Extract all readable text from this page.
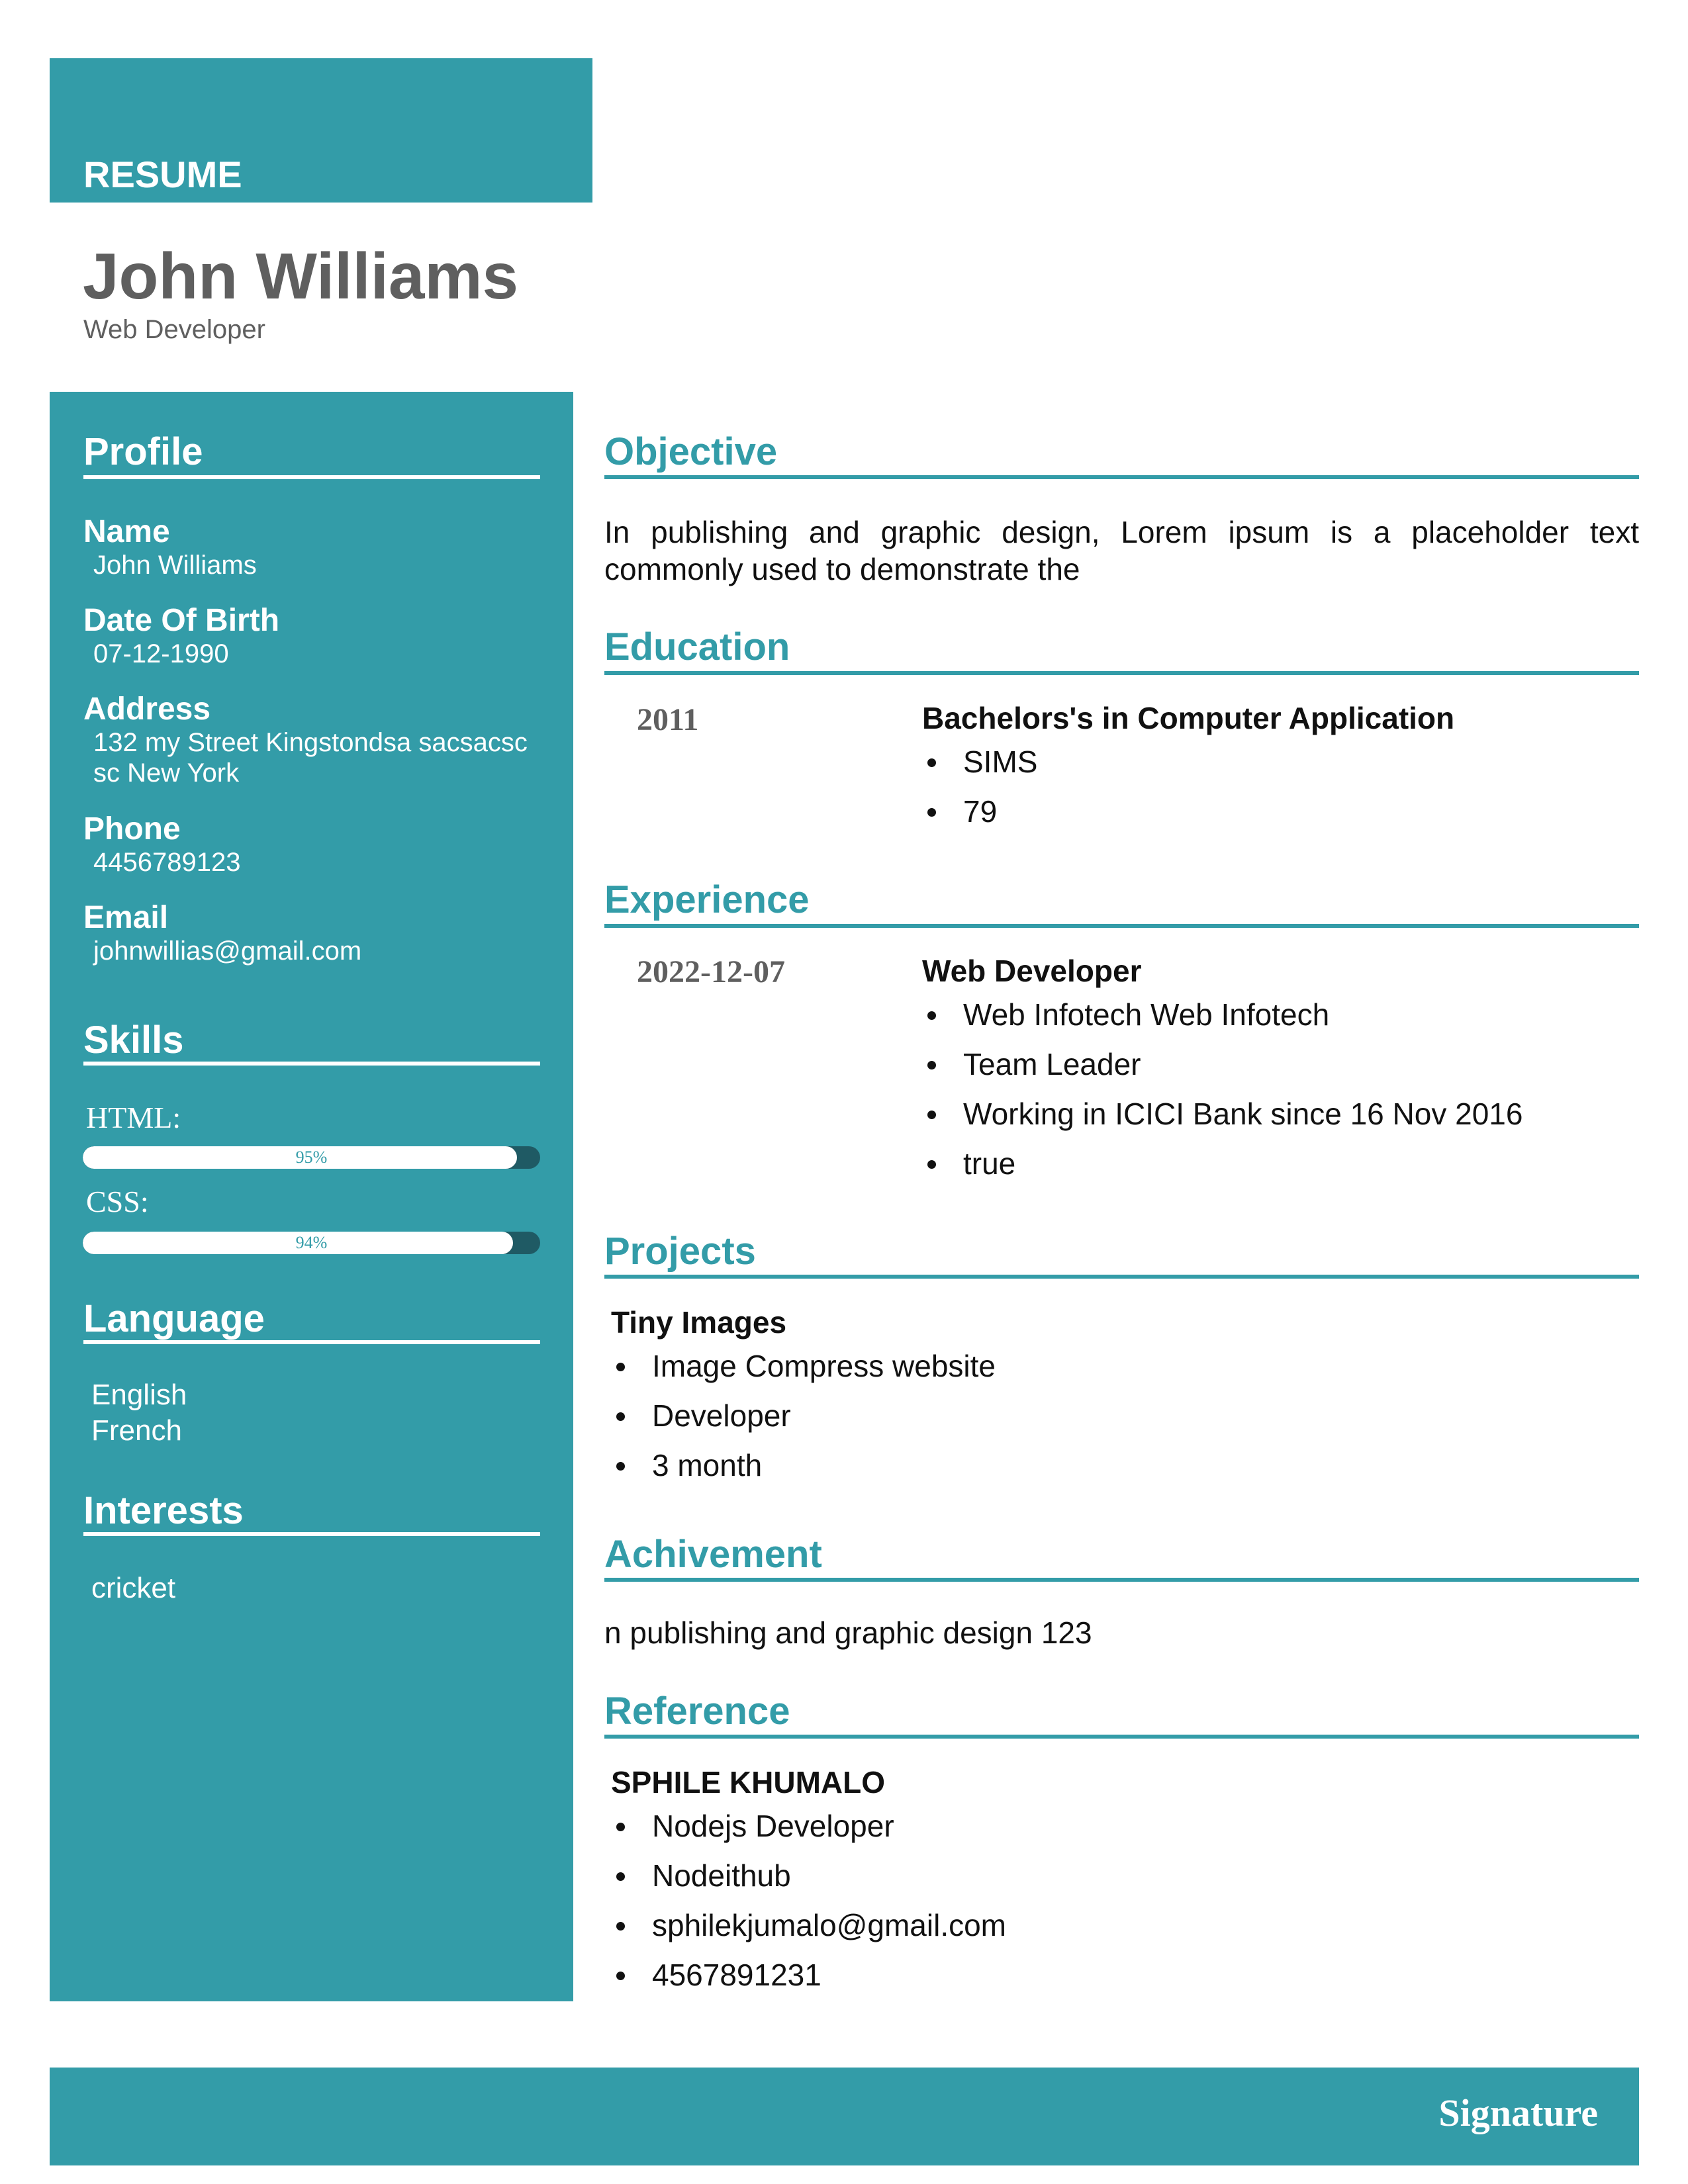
RESUME
John Williams
Web Developer
Profile
Name
John Williams
Date Of Birth
07-12-1990
Address
132 my Street Kingstondsa sacsacsc sc New York
Phone
4456789123
Email
johnwillias@gmail.com
Skills
HTML:
95%
CSS:
94%
Language
English
French
Interests
cricket
Objective
In publishing and graphic design, Lorem ipsum is a placeholder text commonly used to demonstrate the
Education
2011	Bachelors's in Computer Application
SIMS
79
Experience
2022-12-07	Web Developer
Web Infotech Web Infotech
Team Leader
Working in ICICI Bank since 16 Nov 2016
true
Projects
Tiny Images
Image Compress website
Developer
3 month
Achivement
n publishing and graphic design 123
Reference
SPHILE KHUMALO
Nodejs Developer
Nodeithub
sphilekjumalo@gmail.com
4567891231
Signature
